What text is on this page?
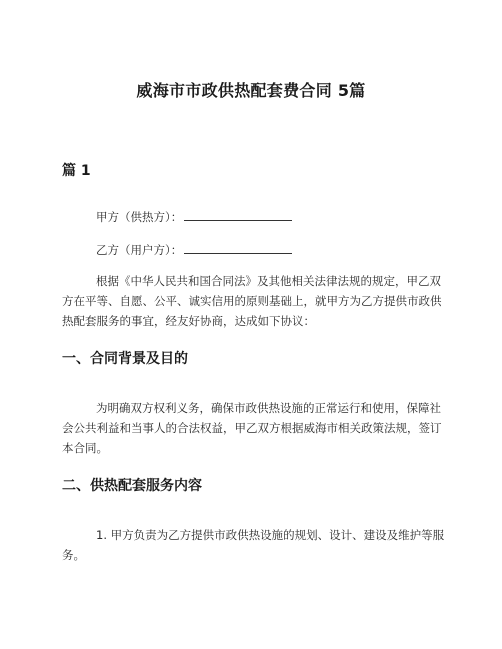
威海市市政供热配套费合同 5篇
篇 1
甲方（供热方）：
乙方（用户方）：

根据《中华人民共和国合同法》及其他相关法律法规的规定，甲乙双方在平等、自愿、公平、诚实信用的原则基础上，就甲方为乙方提供市政供热配套服务的事宜，经友好协商，达成如下协议：

一、合同背景及目的

为明确双方权利义务，确保市政供热设施的正常运行和使用，保障社会公共利益和当事人的合法权益，甲乙双方根据威海市相关政策法规，签订本合同。

二、供热配套服务内容

1. 甲方负责为乙方提供市政供热设施的规划、设计、建设及维护等服务。
